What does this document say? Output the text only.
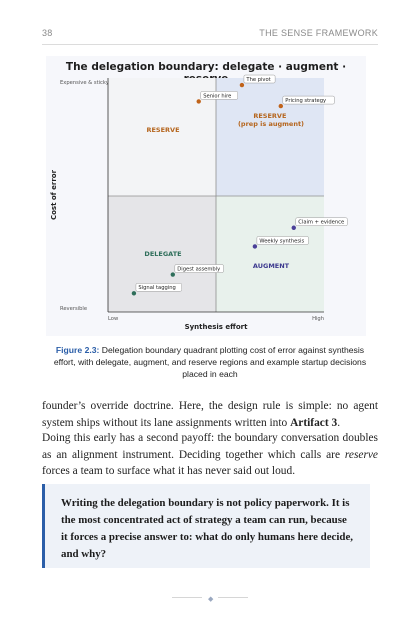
38	THE SENSE FRAMEWORK
The delegation boundary: delegate · augment ·
Synthesis effort
Cost of error
Low	High
Reversible
Expensive & sticky
RESERVE
RESERVE (prep is augment)
DELEGATE
AUGMENT
The pivot
Senior hire
Pricing strategy
Claim + evidence
Weekly synthesis
Digest assembly
Signal tagging
Figure 2.3: Delegation boundary quadrant plotting cost of error against synthesis effort, with delegate, augment, and reserve regions and example startup decisions placed in each
founder’s override doctrine. Here, the design rule is simple: no agent system ships without its lane assignments written into Artifact 3.
Doing this early has a second payoff: the boundary conversation doubles as an alignment instrument. Deciding together which calls are reserve forces a team to surface what it has never said out loud.
Writing the delegation boundary is not policy paperwork. It is the most concentrated act of strategy a team can run, because it forces a precise answer to: what do only humans here decide, and why?
◆
